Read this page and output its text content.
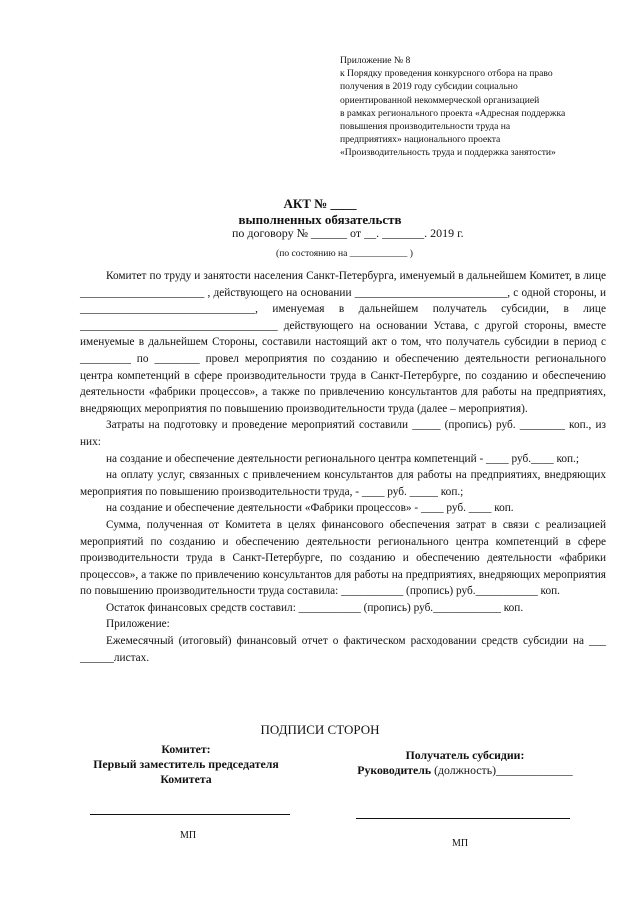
Приложение № 8
к Порядку проведения конкурсного отбора на право
получения в 2019 году субсидии социально
ориентированной некоммерческой организацией
в рамках регионального проекта «Адресная поддержка
повышения производительности труда на
предприятиях» национального проекта
«Производительность труда и поддержка занятости»
АКТ № ____
выполненных обязательств
по договору № ______ от __. _______. 2019 г.
(по состоянию на ____________ )

Комитет по труду и занятости населения Санкт-Петербурга, именуемый в дальнейшем Комитет, в лице ______________________ , действующего на основании ___________________________, с одной стороны, и _______________________________, именуемая в дальнейшем получатель субсидии, в лице ___________________________________ действующего на основании Устава, с другой стороны, вместе именуемые в дальнейшем Стороны, составили настоящий акт о том, что получатель субсидии в период с _________ по ________ провел мероприятия по созданию и обеспечению деятельности регионального центра компетенций в сфере производительности труда в Санкт-Петербурге, по созданию и обеспечению деятельности «фабрики процессов», а также по привлечению консультантов для работы на предприятиях, внедряющих мероприятия по повышению производительности труда (далее – мероприятия).

Затраты на подготовку и проведение мероприятий составили _____ (пропись) руб. ________ коп., из них:

на создание и обеспечение деятельности регионального центра компетенций - ____ руб.____ коп.;

на оплату услуг, связанных с привлечением консультантов для работы на предприятиях, внедряющих мероприятия по повышению производительности труда, - ____ руб. _____ коп.;

на создание и обеспечение деятельности «Фабрики процессов» - ____ руб. ____ коп.

Сумма, полученная от Комитета в целях финансового обеспечения затрат в связи с реализацией мероприятий по созданию и обеспечению деятельности регионального центра компетенций в сфере производительности труда в Санкт-Петербурге, по созданию и обеспечению деятельности «фабрики процессов», а также по привлечению консультантов для работы на предприятиях, внедряющих мероприятия по повышению производительности труда составила: ___________ (пропись) руб.___________ коп.

Остаток финансовых средств составил: ___________ (пропись) руб.____________ коп.

Приложение:

Ежемесячный (итоговый) финансовый отчет о фактическом расходовании средств субсидии на ___ ______листах.

ПОДПИСИ СТОРОН
Комитет:
Первый заместитель председателя
Комитета
Получатель субсидии:
Руководитель (должность)_____________
МП
МП
